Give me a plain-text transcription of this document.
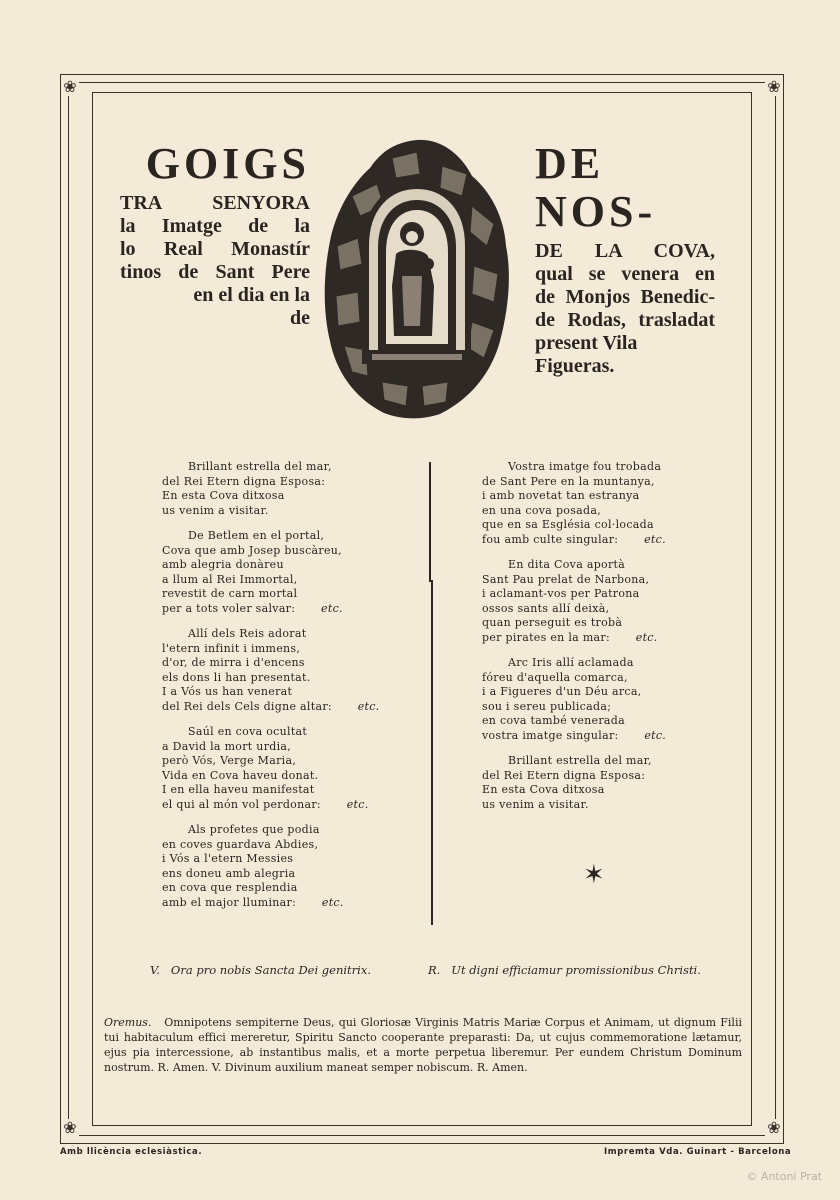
❀	❀
❀	❀
GOIGS
TRA SENYORA
la Imatge de la
lo Real Monastír
tinos de Sant Pere
en el dia en la
de
DE NOS-
DE LA COVA,
qual se venera en
de Monjos Benedic-
de Rodas, trasladat
present Vila
Figueras.
Brillant estrella del mar,
del Rei Etern digna Esposa:
En esta Cova ditxosa
us venim a visitar.
De Betlem en el portal,
Cova que amb Josep buscàreu,
amb alegria donàreu
a llum al Rei Immortal,
revestit de carn mortal
per a tots voler salvar: etc.
Allí dels Reis adorat
l'etern infinit i immens,
d'or, de mirra i d'encens
els dons li han presentat.
I a Vós us han venerat
del Rei dels Cels digne altar: etc.
Saúl en cova ocultat
a David la mort urdia,
però Vós, Verge Maria,
Vida en Cova haveu donat.
I en ella haveu manifestat
el qui al món vol perdonar: etc.
Als profetes que podia
en coves guardava Abdies,
i Vós a l'etern Messies
ens doneu amb alegria
en cova que resplendia
amb el major lluminar: etc.
Vostra imatge fou trobada
de Sant Pere en la muntanya,
i amb novetat tan estranya
en una cova posada,
que en sa Església col·locada
fou amb culte singular: etc.
En dita Cova aportà
Sant Pau prelat de Narbona,
i aclamant-vos per Patrona
ossos sants allí deixà,
quan perseguit es trobà
per pirates en la mar: etc.
Arc Iris allí aclamada
fóreu d'aquella comarca,
i a Figueres d'un Déu arca,
sou i sereu publicada;
en cova també venerada
vostra imatge singular: etc.
Brillant estrella del mar,
del Rei Etern digna Esposa:
En esta Cova ditxosa
us venim a visitar.
✶
V. Ora pro nobis Sancta Dei genitrix.	R. Ut digni efficiamur promissionibus Christi.
Oremus. Omnipotens sempiterne Deus, qui Gloriosæ Virginis Matris Mariæ Corpus et Animam, ut dignum Filii tui habitaculum effici mereretur, Spiritu Sancto cooperante preparasti: Da, ut cujus commemoratione lætamur, ejus pia intercessione, ab instantibus malis, et a morte perpetua liberemur. Per eundem Christum Dominum nostrum. R. Amen. V. Divinum auxilium maneat semper nobiscum. R. Amen.
Amb llicència eclesiàstica.	Impremta Vda. Guinart - Barcelona
© Antoni Prat
